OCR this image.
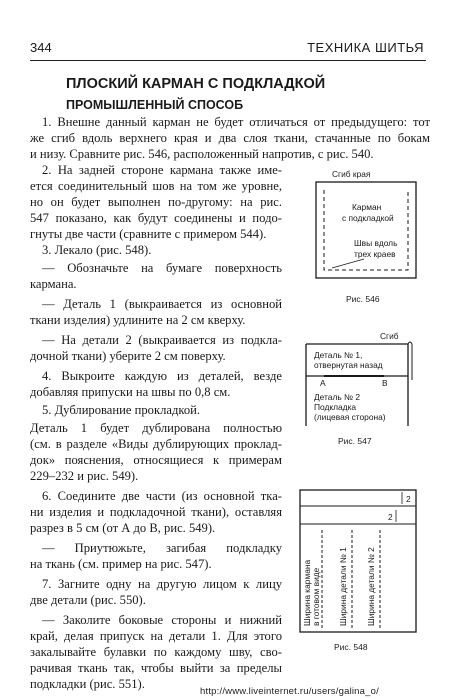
344	ТЕХНИКА ШИТЬЯ
ПЛОСКИЙ КАРМАН С ПОДКЛАДКОЙ
ПРОМЫШЛЕННЫЙ СПОСОБ
1. Внешне данный карман не будет отличаться от предыдущего: тот
же сгиб вдоль верхнего края и два слоя ткани, стачанные по бокам
и низу. Сравните рис. 546, расположенный напротив, с рис. 540.
2. На задней стороне кармана также име-
ется соединительный шов на том же уровне,
но он будет выполнен по-другому: на рис.
547 показано, как будут соединены и подо-
гнуты две части (сравните с примером 544).
3. Лекало (рис. 548).
— Обозначьте на бумаге поверхность
кармана.
— Деталь 1 (выкраивается из основной
ткани изделия) удлините на 2 см кверху.
— На детали 2 (выкраивается из подкла-
дочной ткани) уберите 2 см поверху.
4. Выкроите каждую из деталей, везде
добавляя припуски на швы по 0,8 см.
5. Дублирование прокладкой.
Деталь 1 будет дублирована полностью
(см. в разделе «Виды дублирующих проклад-
док» пояснения, относящиеся к примерам
229–232 и рис. 549).
6. Соедините две части (из основной тка-
ни изделия и подкладочной ткани), оставляя
разрез в 5 см (от А до В, рис. 549).
— Приутюжьте, загибая подкладку
на ткань (см. пример на рис. 547).
7. Загните одну на другую лицом к лицу
две детали (рис. 550).
— Заколите боковые стороны и нижний
край, делая припуск на детали 1. Для этого
закалывайте булавки по каждому шву, сво-
рачивая ткань так, чтобы выйти за пределы
подкладки (рис. 551).
Сгиб края
Карман
с подкладкой
Швы вдоль
трех краев
Рис. 546
Сгиб
Деталь № 1,
отвернутая назад
A	B
Деталь № 2
Подкладка
(лицевая сторона)
Рис. 547
2
2
Ширина кармана в готовом виде Ширина детали № 1 Ширина детали № 2
Рис. 548
http://www.liveinternet.ru/users/galina_o/
